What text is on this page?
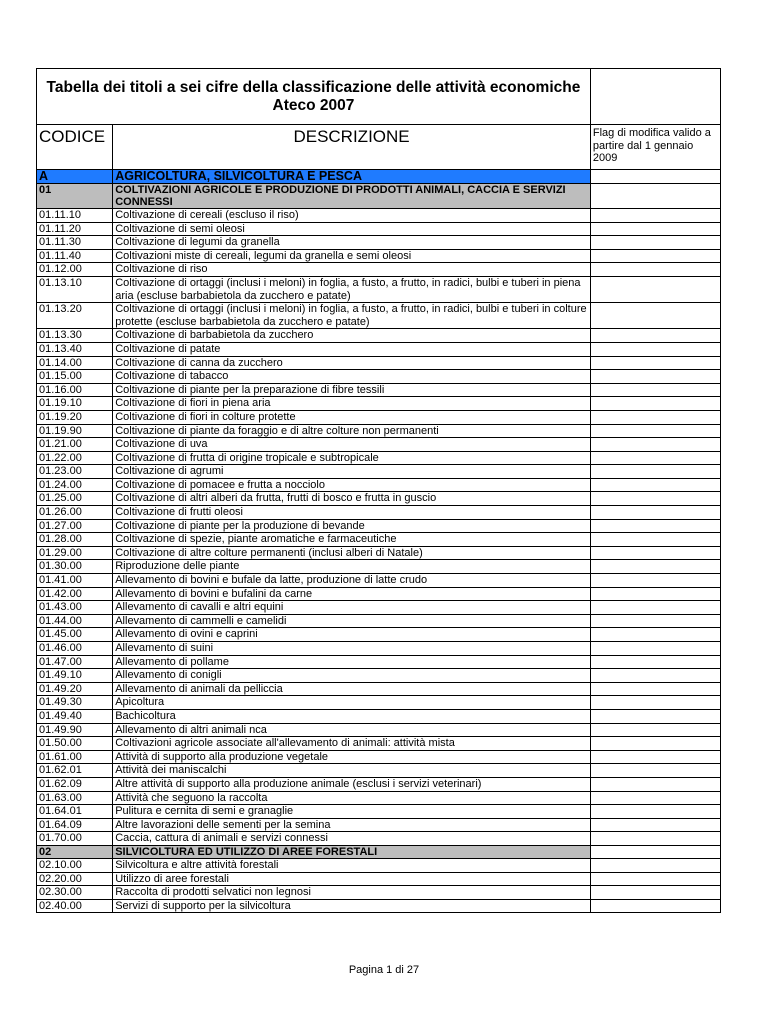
Tabella dei titoli a sei cifre della classificazione delle attività economiche Ateco 2007		
CODICE	DESCRIZIONE	Flag di modifica valido a partire dal 1 gennaio 2009
A	AGRICOLTURA, SILVICOLTURA E PESCA	
01	COLTIVAZIONI AGRICOLE E PRODUZIONE DI PRODOTTI ANIMALI, CACCIA E SERVIZI CONNESSI	
01.11.10	Coltivazione di cereali (escluso il riso)	
01.11.20	Coltivazione di semi oleosi	
01.11.30	Coltivazione di legumi da granella	
01.11.40	Coltivazioni miste di cereali, legumi da granella e semi oleosi	
01.12.00	Coltivazione di riso	
01.13.10	Coltivazione di ortaggi (inclusi i meloni) in foglia, a fusto, a frutto, in radici, bulbi e tuberi in piena aria (escluse barbabietola da zucchero e patate)	
01.13.20	Coltivazione di ortaggi (inclusi i meloni) in foglia, a fusto, a frutto, in radici, bulbi e tuberi in colture protette (escluse barbabietola da zucchero e patate)	
01.13.30	Coltivazione di barbabietola da zucchero	
01.13.40	Coltivazione di patate	
01.14.00	Coltivazione di canna da zucchero	
01.15.00	Coltivazione di tabacco	
01.16.00	Coltivazione di piante per la preparazione di fibre tessili	
01.19.10	Coltivazione di fiori in piena aria	
01.19.20	Coltivazione di fiori in colture protette	
01.19.90	Coltivazione di piante da foraggio e di altre colture non permanenti	
01.21.00	Coltivazione di uva	
01.22.00	Coltivazione di frutta di origine tropicale e subtropicale	
01.23.00	Coltivazione di agrumi	
01.24.00	Coltivazione di pomacee e frutta a nocciolo	
01.25.00	Coltivazione di altri alberi da frutta, frutti di bosco e frutta in guscio	
01.26.00	Coltivazione di frutti oleosi	
01.27.00	Coltivazione di piante per la produzione di bevande	
01.28.00	Coltivazione di spezie, piante aromatiche e farmaceutiche	
01.29.00	Coltivazione di altre colture permanenti (inclusi alberi di Natale)	
01.30.00	Riproduzione delle piante	
01.41.00	Allevamento di bovini e bufale da latte, produzione di latte crudo	
01.42.00	Allevamento di bovini e bufalini da carne	
01.43.00	Allevamento di cavalli e altri equini	
01.44.00	Allevamento di cammelli e camelidi	
01.45.00	Allevamento di ovini e caprini	
01.46.00	Allevamento di suini	
01.47.00	Allevamento di pollame	
01.49.10	Allevamento di conigli	
01.49.20	Allevamento di animali da pelliccia	
01.49.30	Apicoltura	
01.49.40	Bachicoltura	
01.49.90	Allevamento di altri animali nca	
01.50.00	Coltivazioni agricole associate all'allevamento di animali: attività mista	
01.61.00	Attività di supporto alla produzione vegetale	
01.62.01	Attività dei maniscalchi	
01.62.09	Altre attività di supporto alla produzione animale (esclusi i servizi veterinari)	
01.63.00	Attività che seguono la raccolta	
01.64.01	Pulitura e cernita di semi e granaglie	
01.64.09	Altre lavorazioni delle sementi per la semina	
01.70.00	Caccia, cattura di animali e servizi connessi	
02	SILVICOLTURA ED UTILIZZO DI AREE FORESTALI	
02.10.00	Silvicoltura e altre attività forestali	
02.20.00	Utilizzo di aree forestali	
02.30.00	Raccolta di prodotti selvatici non legnosi	
02.40.00	Servizi di supporto per la silvicoltura	
Pagina 1 di 27
